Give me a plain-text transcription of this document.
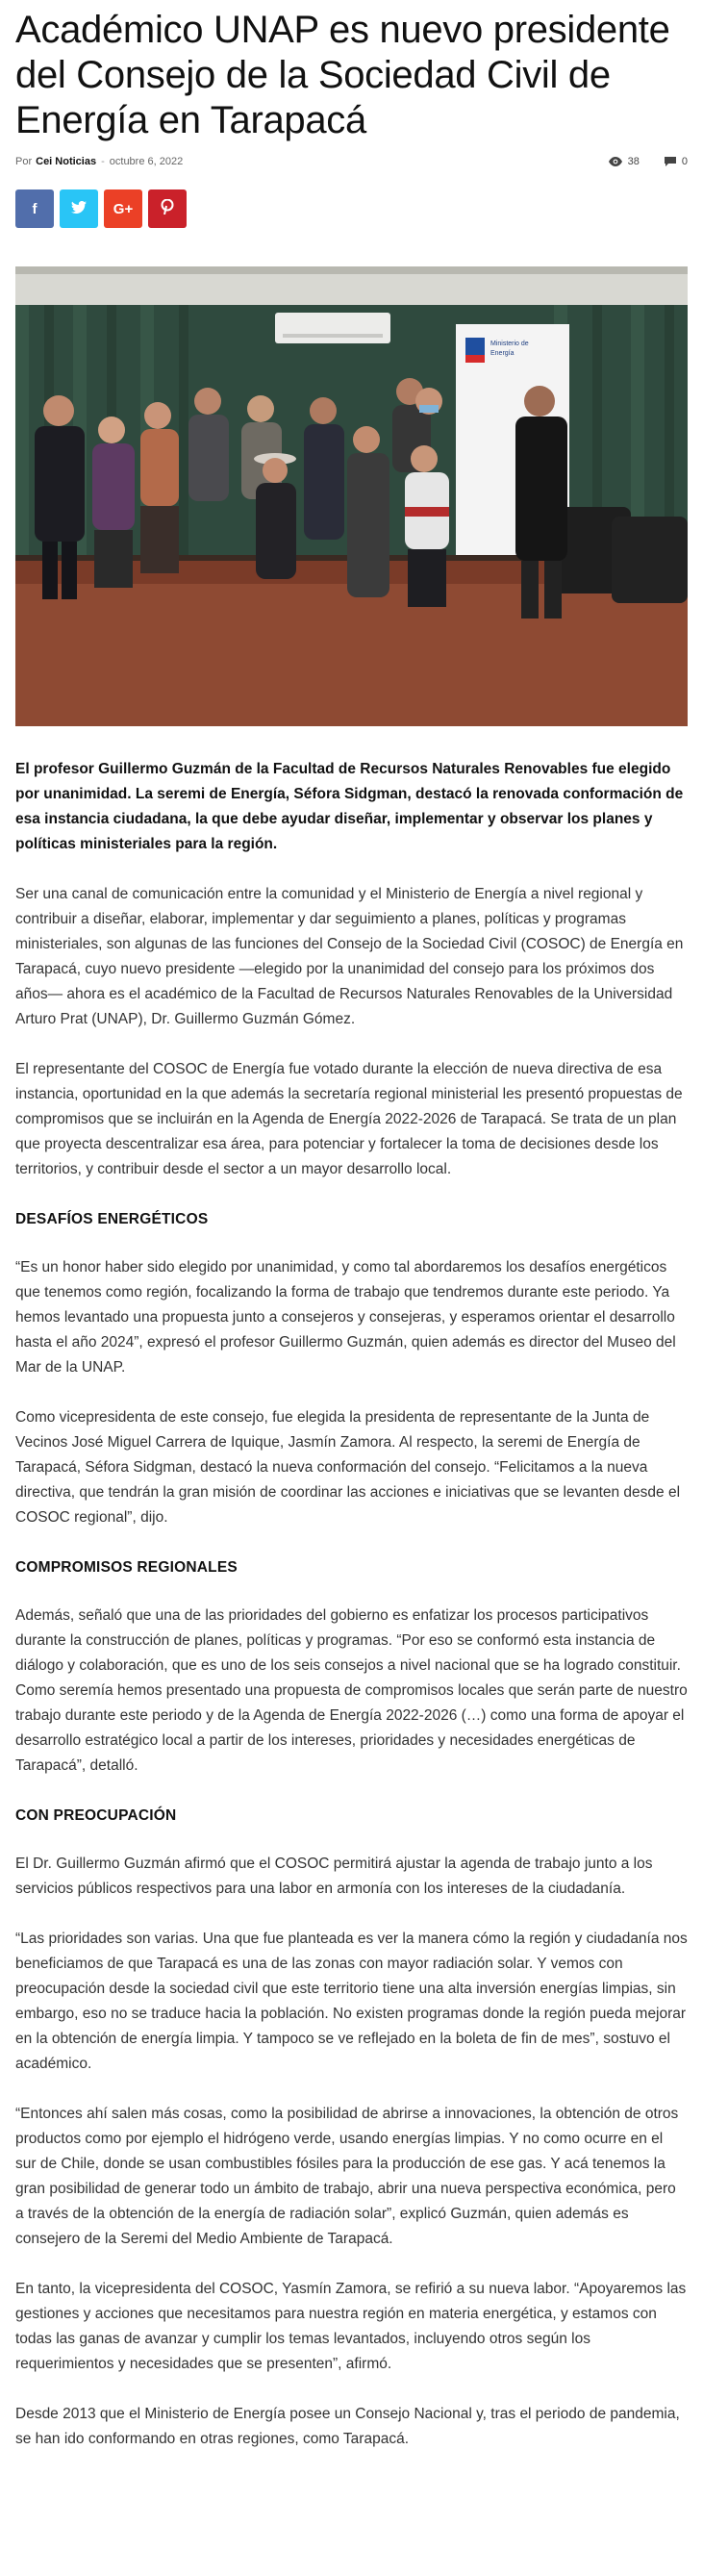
Académico UNAP es nuevo presidente del Consejo de la Sociedad Civil de Energía en Tarapacá
Por Cei Noticias - octubre 6, 2022	38	0
f	G+
Ministerio de
Energía

El profesor Guillermo Guzmán de la Facultad de Recursos Naturales Renovables fue elegido por unanimidad. La seremi de Energía, Séfora Sidgman, destacó la renovada conformación de esa instancia ciudadana, la que debe ayudar diseñar, implementar y observar los planes y políticas ministeriales para la región.

Ser una canal de comunicación entre la comunidad y el Ministerio de Energía a nivel regional y contribuir a diseñar, elaborar, implementar y dar seguimiento a planes, políticas y programas ministeriales, son algunas de las funciones del Consejo de la Sociedad Civil (COSOC) de Energía en Tarapacá, cuyo nuevo presidente —elegido por la unanimidad del consejo para los próximos dos años— ahora es el académico de la Facultad de Recursos Naturales Renovables de la Universidad Arturo Prat (UNAP), Dr. Guillermo Guzmán Gómez.

El representante del COSOC de Energía fue votado durante la elección de nueva directiva de esa instancia, oportunidad en la que además la secretaría regional ministerial les presentó propuestas de compromisos que se incluirán en la Agenda de Energía 2022-2026 de Tarapacá. Se trata de un plan que proyecta descentralizar esa área, para potenciar y fortalecer la toma de decisiones desde los territorios, y contribuir desde el sector a un mayor desarrollo local.

DESAFÍOS ENERGÉTICOS

“Es un honor haber sido elegido por unanimidad, y como tal abordaremos los desafíos energéticos que tenemos como región, focalizando la forma de trabajo que tendremos durante este periodo. Ya hemos levantado una propuesta junto a consejeros y consejeras, y esperamos orientar el desarrollo hasta el año 2024”, expresó el profesor Guillermo Guzmán, quien además es director del Museo del Mar de la UNAP.

Como vicepresidenta de este consejo, fue elegida la presidenta de representante de la Junta de Vecinos José Miguel Carrera de Iquique, Jasmín Zamora. Al respecto, la seremi de Energía de Tarapacá, Séfora Sidgman, destacó la nueva conformación del consejo. “Felicitamos a la nueva directiva, que tendrán la gran misión de coordinar las acciones e iniciativas que se levanten desde el COSOC regional”, dijo.

COMPROMISOS REGIONALES

Además, señaló que una de las prioridades del gobierno es enfatizar los procesos participativos durante la construcción de planes, políticas y programas. “Por eso se conformó esta instancia de diálogo y colaboración, que es uno de los seis consejos a nivel nacional que se ha logrado constituir. Como seremía hemos presentado una propuesta de compromisos locales que serán parte de nuestro trabajo durante este periodo y de la Agenda de Energía 2022-2026 (…) como una forma de apoyar el desarrollo estratégico local a partir de los intereses, prioridades y necesidades energéticas de Tarapacá”, detalló.

CON PREOCUPACIÓN

El Dr. Guillermo Guzmán afirmó que el COSOC permitirá ajustar la agenda de trabajo junto a los servicios públicos respectivos para una labor en armonía con los intereses de la ciudadanía.

“Las prioridades son varias. Una que fue planteada es ver la manera cómo la región y ciudadanía nos beneficiamos de que Tarapacá es una de las zonas con mayor radiación solar. Y vemos con preocupación desde la sociedad civil que este territorio tiene una alta inversión energías limpias, sin embargo, eso no se traduce hacia la población. No existen programas donde la región pueda mejorar en la obtención de energía limpia. Y tampoco se ve reflejado en la boleta de fin de mes”, sostuvo el académico.

“Entonces ahí salen más cosas, como la posibilidad de abrirse a innovaciones, la obtención de otros productos como por ejemplo el hidrógeno verde, usando energías limpias. Y no como ocurre en el sur de Chile, donde se usan combustibles fósiles para la producción de ese gas. Y acá tenemos la gran posibilidad de generar todo un ámbito de trabajo, abrir una nueva perspectiva económica, pero a través de la obtención de la energía de radiación solar”, explicó Guzmán, quien además es consejero de la Seremi del Medio Ambiente de Tarapacá.

En tanto, la vicepresidenta del COSOC, Yasmín Zamora, se refirió a su nueva labor. “Apoyaremos las gestiones y acciones que necesitamos para nuestra región en materia energética, y estamos con todas las ganas de avanzar y cumplir los temas levantados, incluyendo otros según los requerimientos y necesidades que se presenten”, afirmó.

Desde 2013 que el Ministerio de Energía posee un Consejo Nacional y, tras el periodo de pandemia, se han ido conformando en otras regiones, como Tarapacá.
